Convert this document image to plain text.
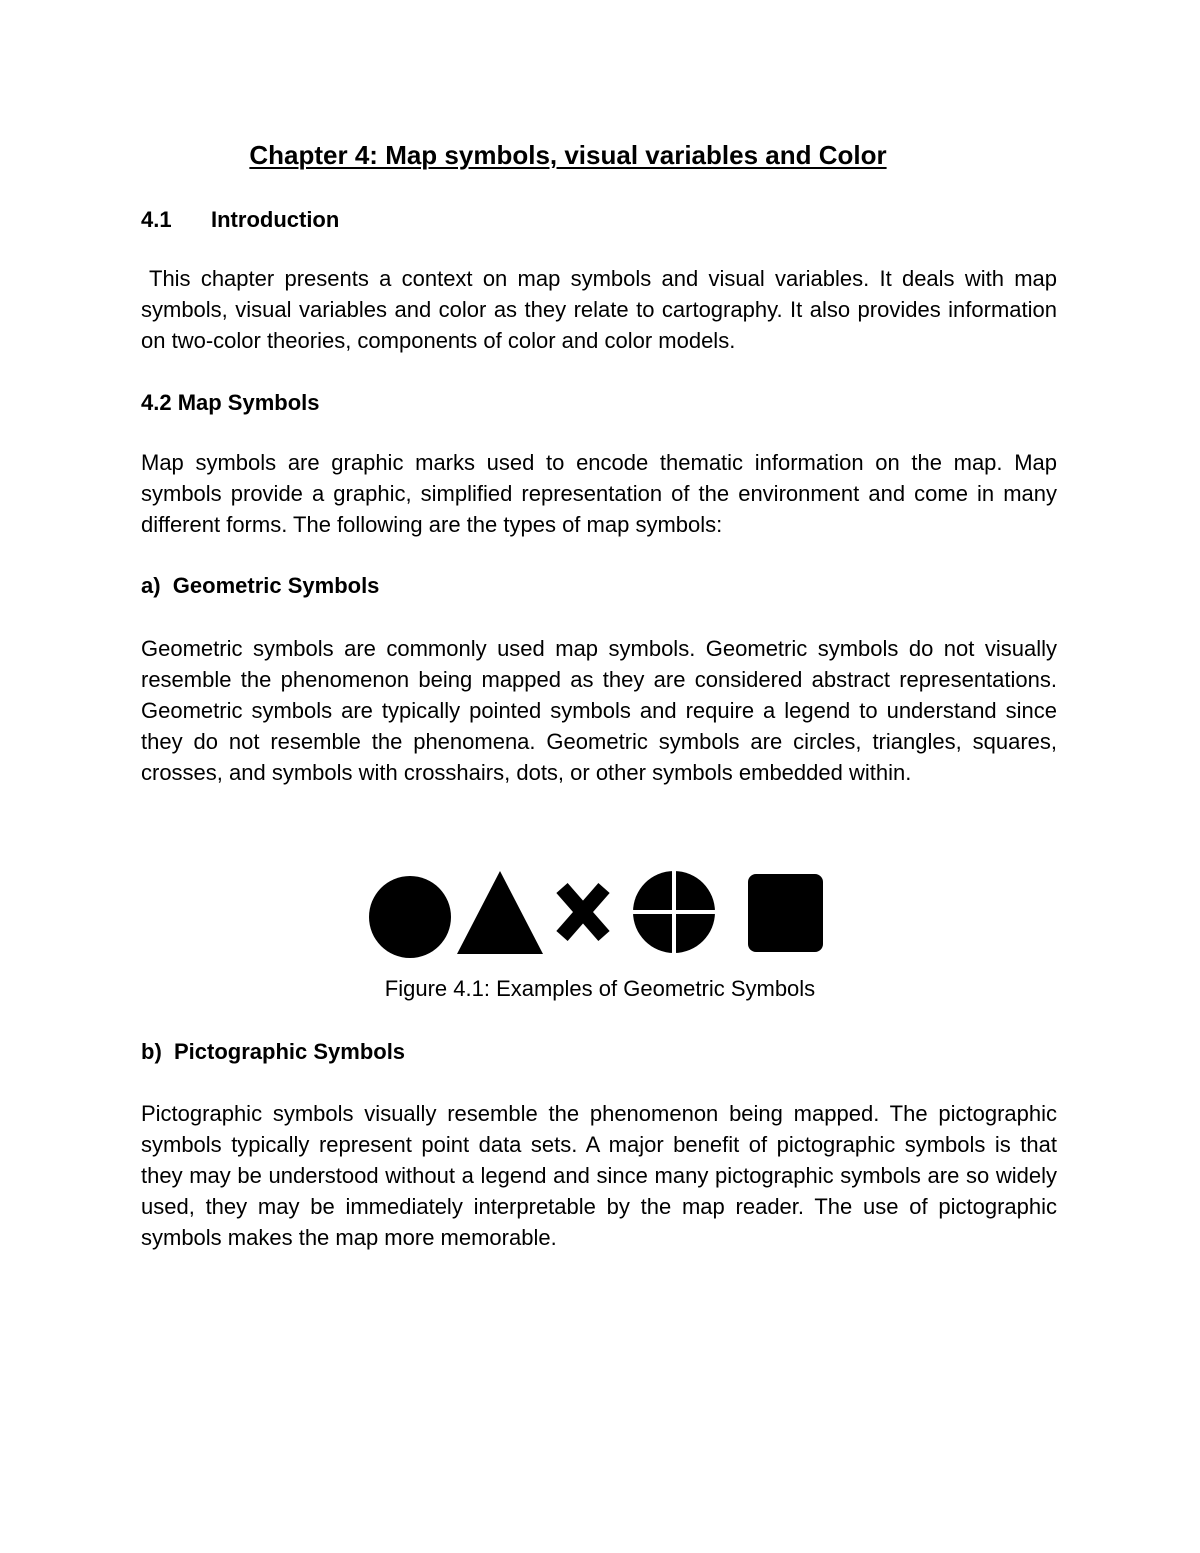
Chapter 4: Map symbols, visual variables and Color
4.1 Introduction

This chapter presents a context on map symbols and visual variables. It deals with map symbols, visual variables and color as they relate to cartography. It also provides information on two-color theories, components of color and color models.

4.2 Map Symbols

Map symbols are graphic marks used to encode thematic information on the map. Map symbols provide a graphic, simplified representation of the environment and come in many different forms. The following are the types of map symbols:

a)  Geometric Symbols

Geometric symbols are commonly used map symbols. Geometric symbols do not visually resemble the phenomenon being mapped as they are considered abstract representations. Geometric symbols are typically pointed symbols and require a legend to understand since they do not resemble the phenomena. Geometric symbols are circles, triangles, squares, crosses, and symbols with crosshairs, dots, or other symbols embedded within.

Figure 4.1: Examples of Geometric Symbols

b)  Pictographic Symbols

Pictographic symbols visually resemble the phenomenon being mapped. The pictographic symbols typically represent point data sets. A major benefit of pictographic symbols is that they may be understood without a legend and since many pictographic symbols are so widely used, they may be immediately interpretable by the map reader. The use of pictographic symbols makes the map more memorable.
